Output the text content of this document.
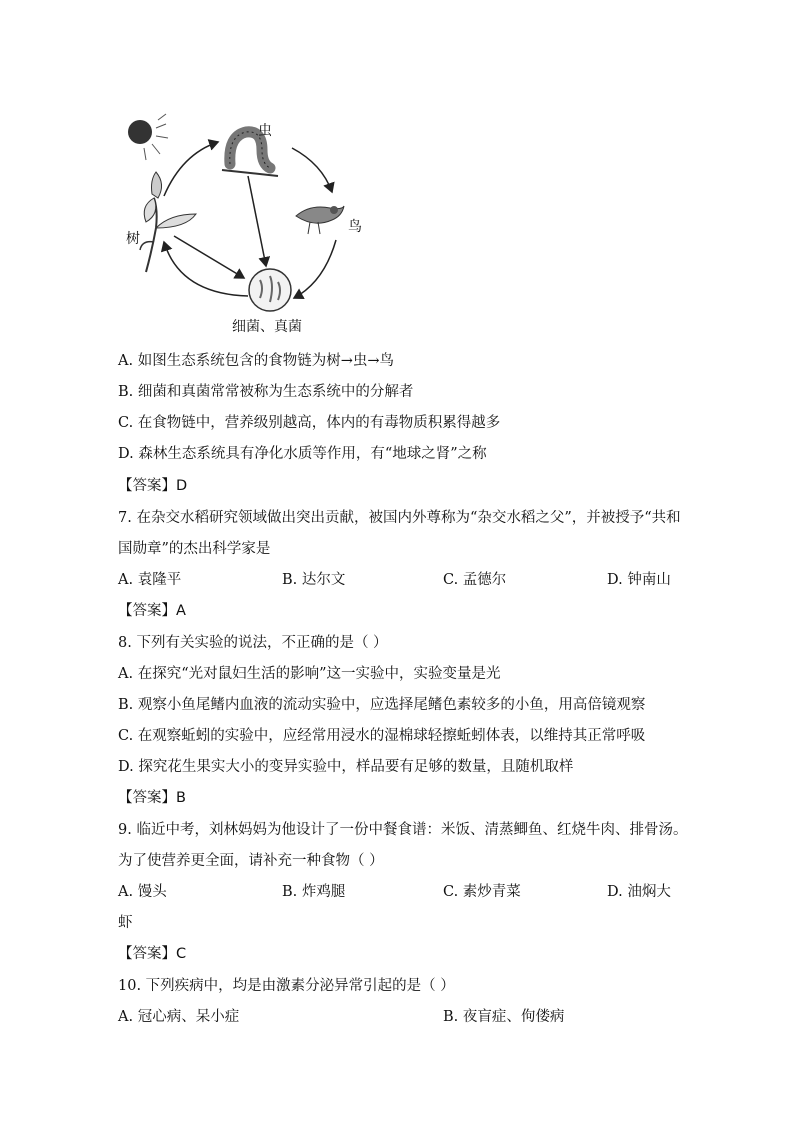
虫
鸟
树
细菌、真菌
A. 如图生态系统包含的食物链为树→虫→鸟
B. 细菌和真菌常常被称为生态系统中的分解者
C. 在食物链中，营养级别越高，体内的有毒物质积累得越多
D. 森林生态系统具有净化水质等作用，有“地球之肾”之称
【答案】D
7. 在杂交水稻研究领域做出突出贡献，被国内外尊称为“杂交水稻之父”，并被授予“共和
国勋章”的杰出科学家是
A. 袁隆平	B. 达尔文	C. 孟德尔	D. 钟南山
【答案】A
8. 下列有关实验的说法，不正确的是（ ）
A. 在探究“光对鼠妇生活的影响”这一实验中，实验变量是光
B. 观察小鱼尾鳍内血液的流动实验中，应选择尾鳍色素较多的小鱼，用高倍镜观察
C. 在观察蚯蚓的实验中，应经常用浸水的湿棉球轻擦蚯蚓体表，以维持其正常呼吸
D. 探究花生果实大小的变异实验中，样品要有足够的数量，且随机取样
【答案】B
9. 临近中考，刘林妈妈为他设计了一份中餐食谱：米饭、清蒸鲫鱼、红烧牛肉、排骨汤。
为了使营养更全面，请补充一种食物（ ）
A. 馒头	B. 炸鸡腿	C. 素炒青菜	D. 油焖大
虾
【答案】C
10. 下列疾病中，均是由激素分泌异常引起的是（ ）
A. 冠心病、呆小症	B. 夜盲症、佝偻病
